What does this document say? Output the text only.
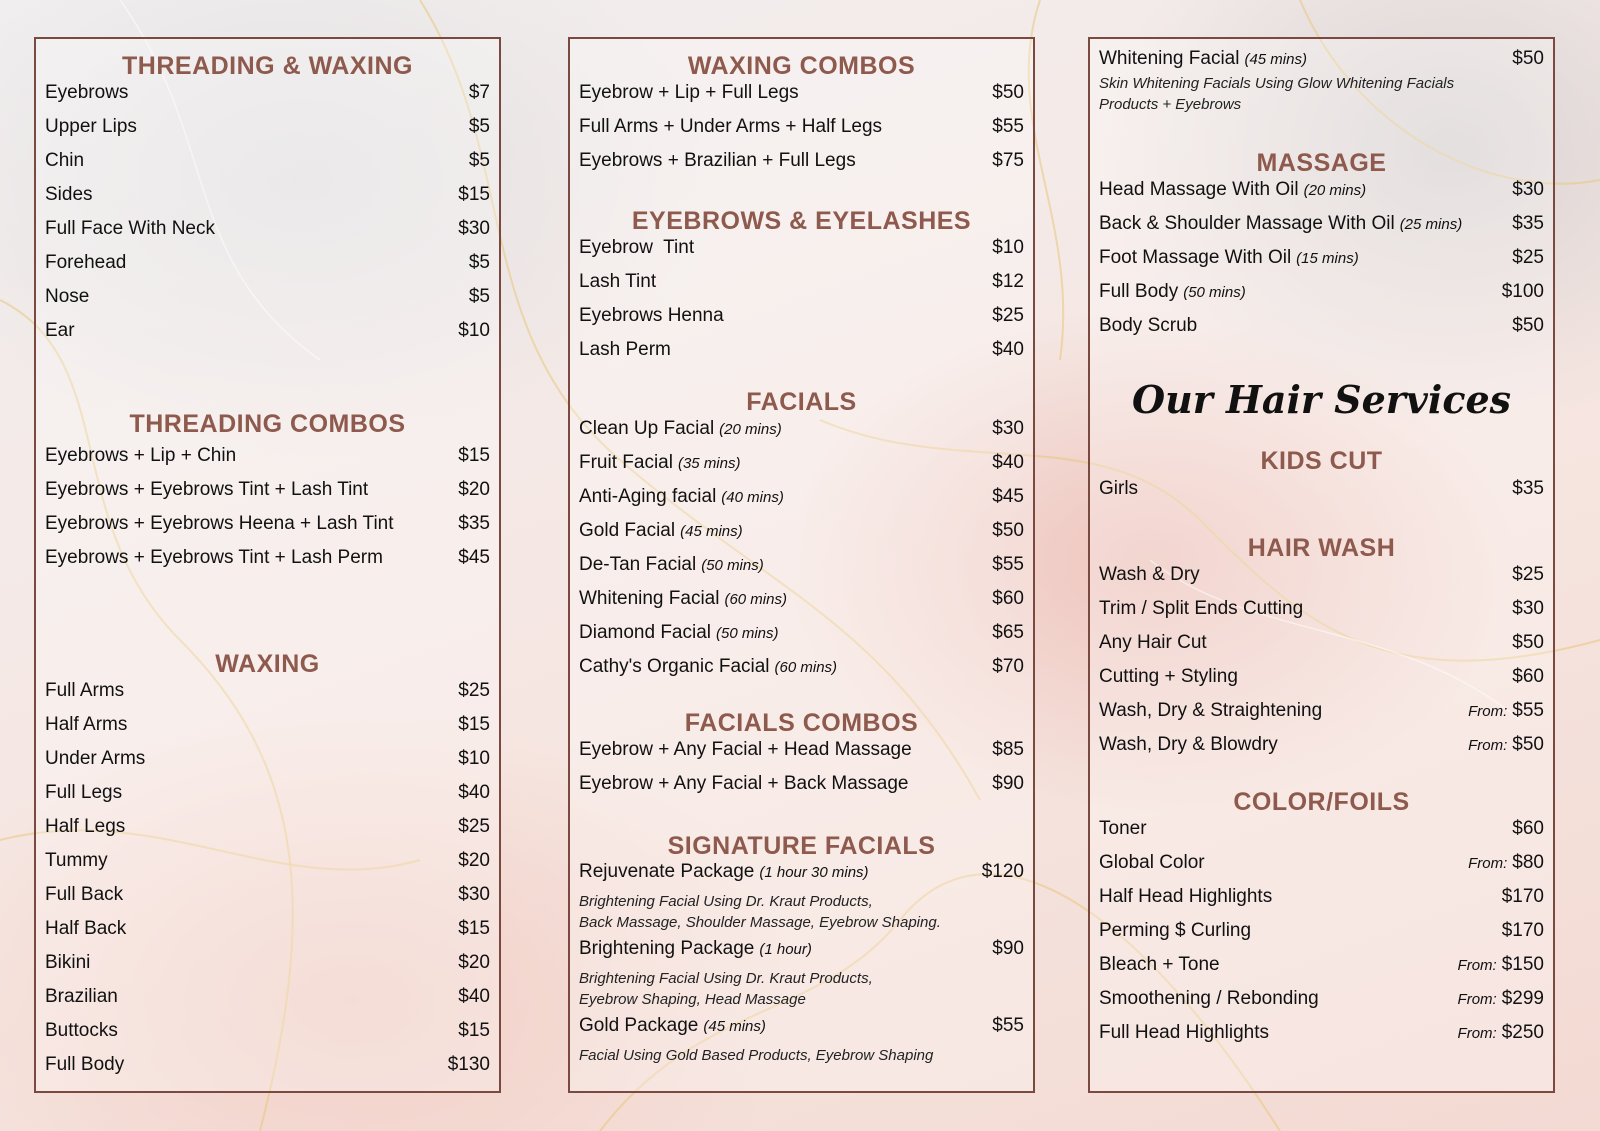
THREADING & WAXING
Eyebrows	$7
Upper Lips	$5
Chin	$5
Sides	$15
Full Face With Neck	$30
Forehead	$5
Nose	$5
Ear	$10
THREADING COMBOS
Eyebrows + Lip + Chin	$15
Eyebrows + Eyebrows Tint + Lash Tint	$20
Eyebrows + Eyebrows Heena + Lash Tint	$35
Eyebrows + Eyebrows Tint + Lash Perm	$45
WAXING
Full Arms	$25
Half Arms	$15
Under Arms	$10
Full Legs	$40
Half Legs	$25
Tummy	$20
Full Back	$30
Half Back	$15
Bikini	$20
Brazilian	$40
Buttocks	$15
Full Body	$130
WAXING COMBOS
Eyebrow + Lip + Full Legs	$50
Full Arms + Under Arms + Half Legs	$55
Eyebrows + Brazilian + Full Legs	$75
EYEBROWS & EYELASHES
Eyebrow  Tint	$10
Lash Tint	$12
Eyebrows Henna	$25
Lash Perm	$40
FACIALS
Clean Up Facial (20 mins)	$30
Fruit Facial (35 mins)	$40
Anti-Aging facial (40 mins)	$45
Gold Facial (45 mins)	$50
De-Tan Facial (50 mins)	$55
Whitening Facial (60 mins)	$60
Diamond Facial (50 mins)	$65
Cathy's Organic Facial (60 mins)	$70
FACIALS COMBOS
Eyebrow + Any Facial + Head Massage	$85
Eyebrow + Any Facial + Back Massage	$90
SIGNATURE FACIALS
Rejuvenate Package (1 hour 30 mins)	$120
Brightening Facial Using Dr. Kraut Products,
Back Massage, Shoulder Massage, Eyebrow Shaping.
Brightening Package (1 hour)	$90
Brightening Facial Using Dr. Kraut Products,
Eyebrow Shaping, Head Massage
Gold Package (45 mins)	$55
Facial Using Gold Based Products, Eyebrow Shaping
Whitening Facial (45 mins)	$50
Skin Whitening Facials Using Glow Whitening Facials
Products + Eyebrows
MASSAGE
Head Massage With Oil (20 mins)	$30
Back & Shoulder Massage With Oil (25 mins)	$35
Foot Massage With Oil (15 mins)	$25
Full Body (50 mins)	$100
Body Scrub	$50
Our Hair Services
KIDS CUT
Girls	$35
HAIR WASH
Wash & Dry	$25
Trim / Split Ends Cutting	$30
Any Hair Cut	$50
Cutting + Styling	$60
Wash, Dry & Straightening	From: $55
Wash, Dry & Blowdry	From: $50
COLOR/FOILS
Toner	$60
Global Color	From: $80
Half Head Highlights	$170
Perming $ Curling	$170
Bleach + Tone	From: $150
Smoothening / Rebonding	From: $299
Full Head Highlights	From: $250
